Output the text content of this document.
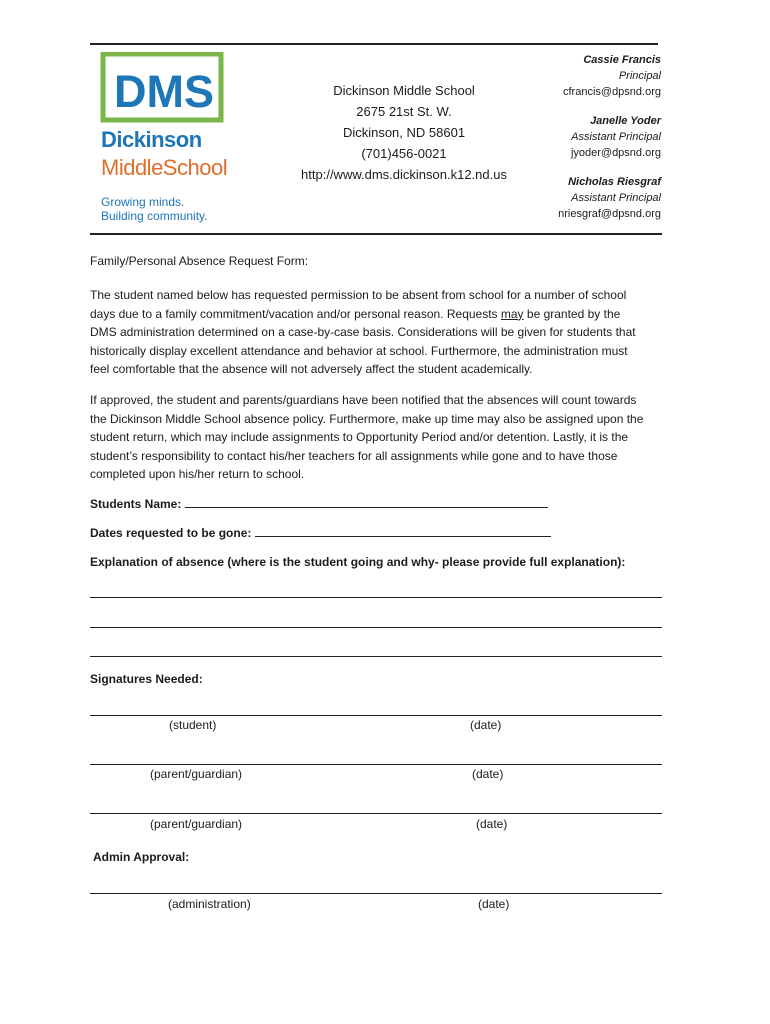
DMS
Dickinson
MiddleSchool
Growing minds.
Building community.
Dickinson Middle School
2675 21st St. W.
Dickinson, ND 58601
(701)456-0021
http://www.dms.dickinson.k12.nd.us
Cassie Francis
Principal
cfrancis@dpsnd.org
Janelle Yoder
Assistant Principal
jyoder@dpsnd.org
Nicholas Riesgraf
Assistant Principal
nriesgraf@dpsnd.org
Family/Personal Absence Request Form:
The student named below has requested permission to be absent from school for a number of school
days due to a family commitment/vacation and/or personal reason. Requests may be granted by the
DMS administration determined on a case-by-case basis. Considerations will be given for students that
historically display excellent attendance and behavior at school. Furthermore, the administration must
feel comfortable that the absence will not adversely affect the student academically.
If approved, the student and parents/guardians have been notified that the absences will count towards
the Dickinson Middle School absence policy. Furthermore, make up time may also be assigned upon the
student return, which may include assignments to Opportunity Period and/or detention. Lastly, it is the
student’s responsibility to contact his/her teachers for all assignments while gone and to have those
completed upon his/her return to school.
Students Name:
Dates requested to be gone:
Explanation of absence (where is the student going and why- please provide full explanation):
Signatures Needed:
(student)	(date)
(parent/guardian)	(date)
(parent/guardian)	(date)
Admin Approval:
(administration)	(date)
